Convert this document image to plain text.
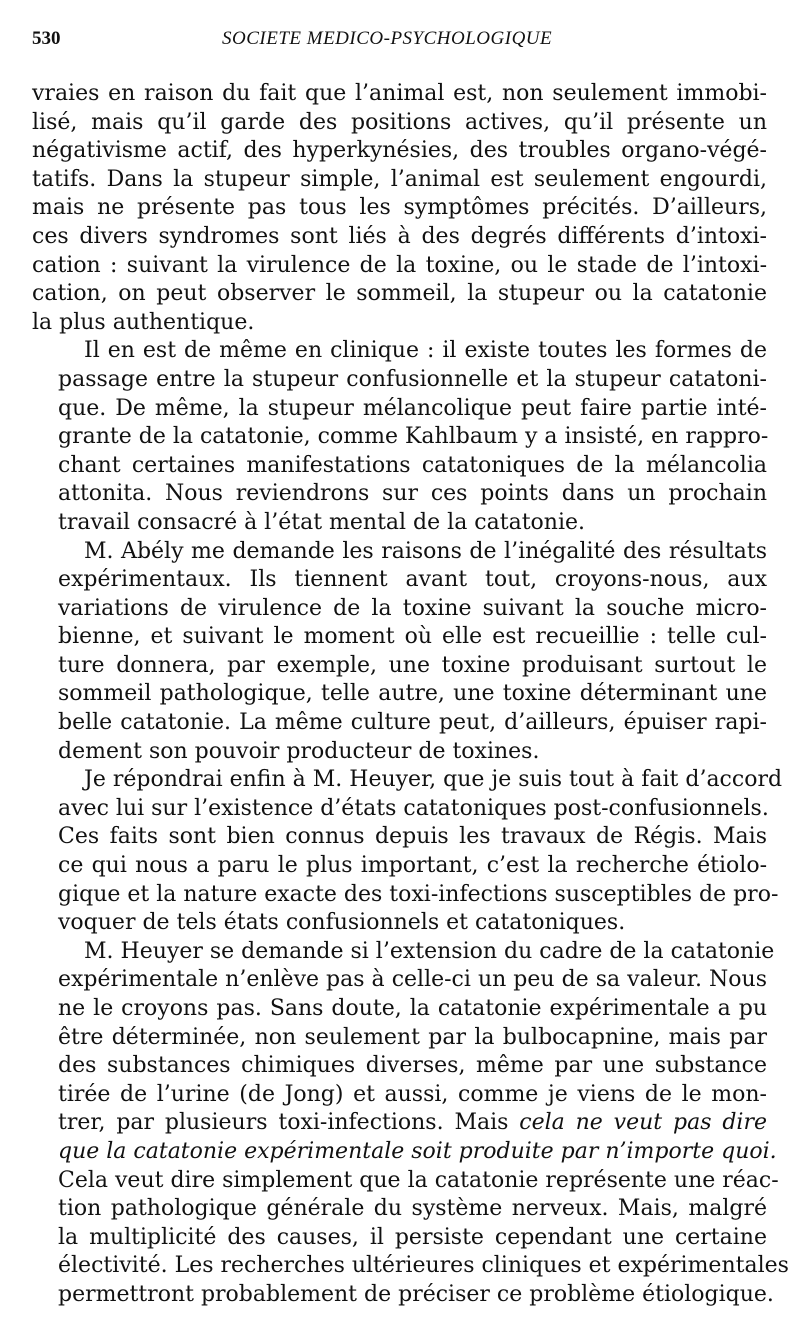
530	SOCIETE MEDICO-PSYCHOLOGIQUE

vraies en raison du fait que l’animal est, non seulement immobi-
lisé, mais qu’il garde des positions actives, qu’il présente un
négativisme actif, des hyperkynésies, des troubles organo-végé-
tatifs. Dans la stupeur simple, l’animal est seulement engourdi,
mais ne présente pas tous les symptômes précités. D’ailleurs,
ces divers syndromes sont liés à des degrés différents d’intoxi-
cation : suivant la virulence de la toxine, ou le stade de l’intoxi-
cation, on peut observer le sommeil, la stupeur ou la catatonie
la plus authentique.

Il en est de même en clinique : il existe toutes les formes de
passage entre la stupeur confusionnelle et la stupeur catatoni-
que. De même, la stupeur mélancolique peut faire partie inté-
grante de la catatonie, comme Kahlbaum y a insisté, en rappro-
chant certaines manifestations catatoniques de la mélancolia
attonita. Nous reviendrons sur ces points dans un prochain
travail consacré à l’état mental de la catatonie.

M. Abély me demande les raisons de l’inégalité des résultats
expérimentaux. Ils tiennent avant tout, croyons-nous, aux
variations de virulence de la toxine suivant la souche micro-
bienne, et suivant le moment où elle est recueillie : telle cul-
ture donnera, par exemple, une toxine produisant surtout le
sommeil pathologique, telle autre, une toxine déterminant une
belle catatonie. La même culture peut, d’ailleurs, épuiser rapi-
dement son pouvoir producteur de toxines.

Je répondrai enfin à M. Heuyer, que je suis tout à fait d’accord
avec lui sur l’existence d’états catatoniques post-confusionnels.
Ces faits sont bien connus depuis les travaux de Régis. Mais
ce qui nous a paru le plus important, c’est la recherche étiolo-
gique et la nature exacte des toxi-infections susceptibles de pro-
voquer de tels états confusionnels et catatoniques.

M. Heuyer se demande si l’extension du cadre de la catatonie
expérimentale n’enlève pas à celle-ci un peu de sa valeur. Nous
ne le croyons pas. Sans doute, la catatonie expérimentale a pu
être déterminée, non seulement par la bulbocapnine, mais par
des substances chimiques diverses, même par une substance
tirée de l’urine (de Jong) et aussi, comme je viens de le mon-
trer, par plusieurs toxi-infections. Mais cela ne veut pas dire
que la catatonie expérimentale soit produite par n’importe quoi.
Cela veut dire simplement que la catatonie représente une réac-
tion pathologique générale du système nerveux. Mais, malgré
la multiplicité des causes, il persiste cependant une certaine
électivité. Les recherches ultérieures cliniques et expérimentales
permettront probablement de préciser ce problème étiologique.
